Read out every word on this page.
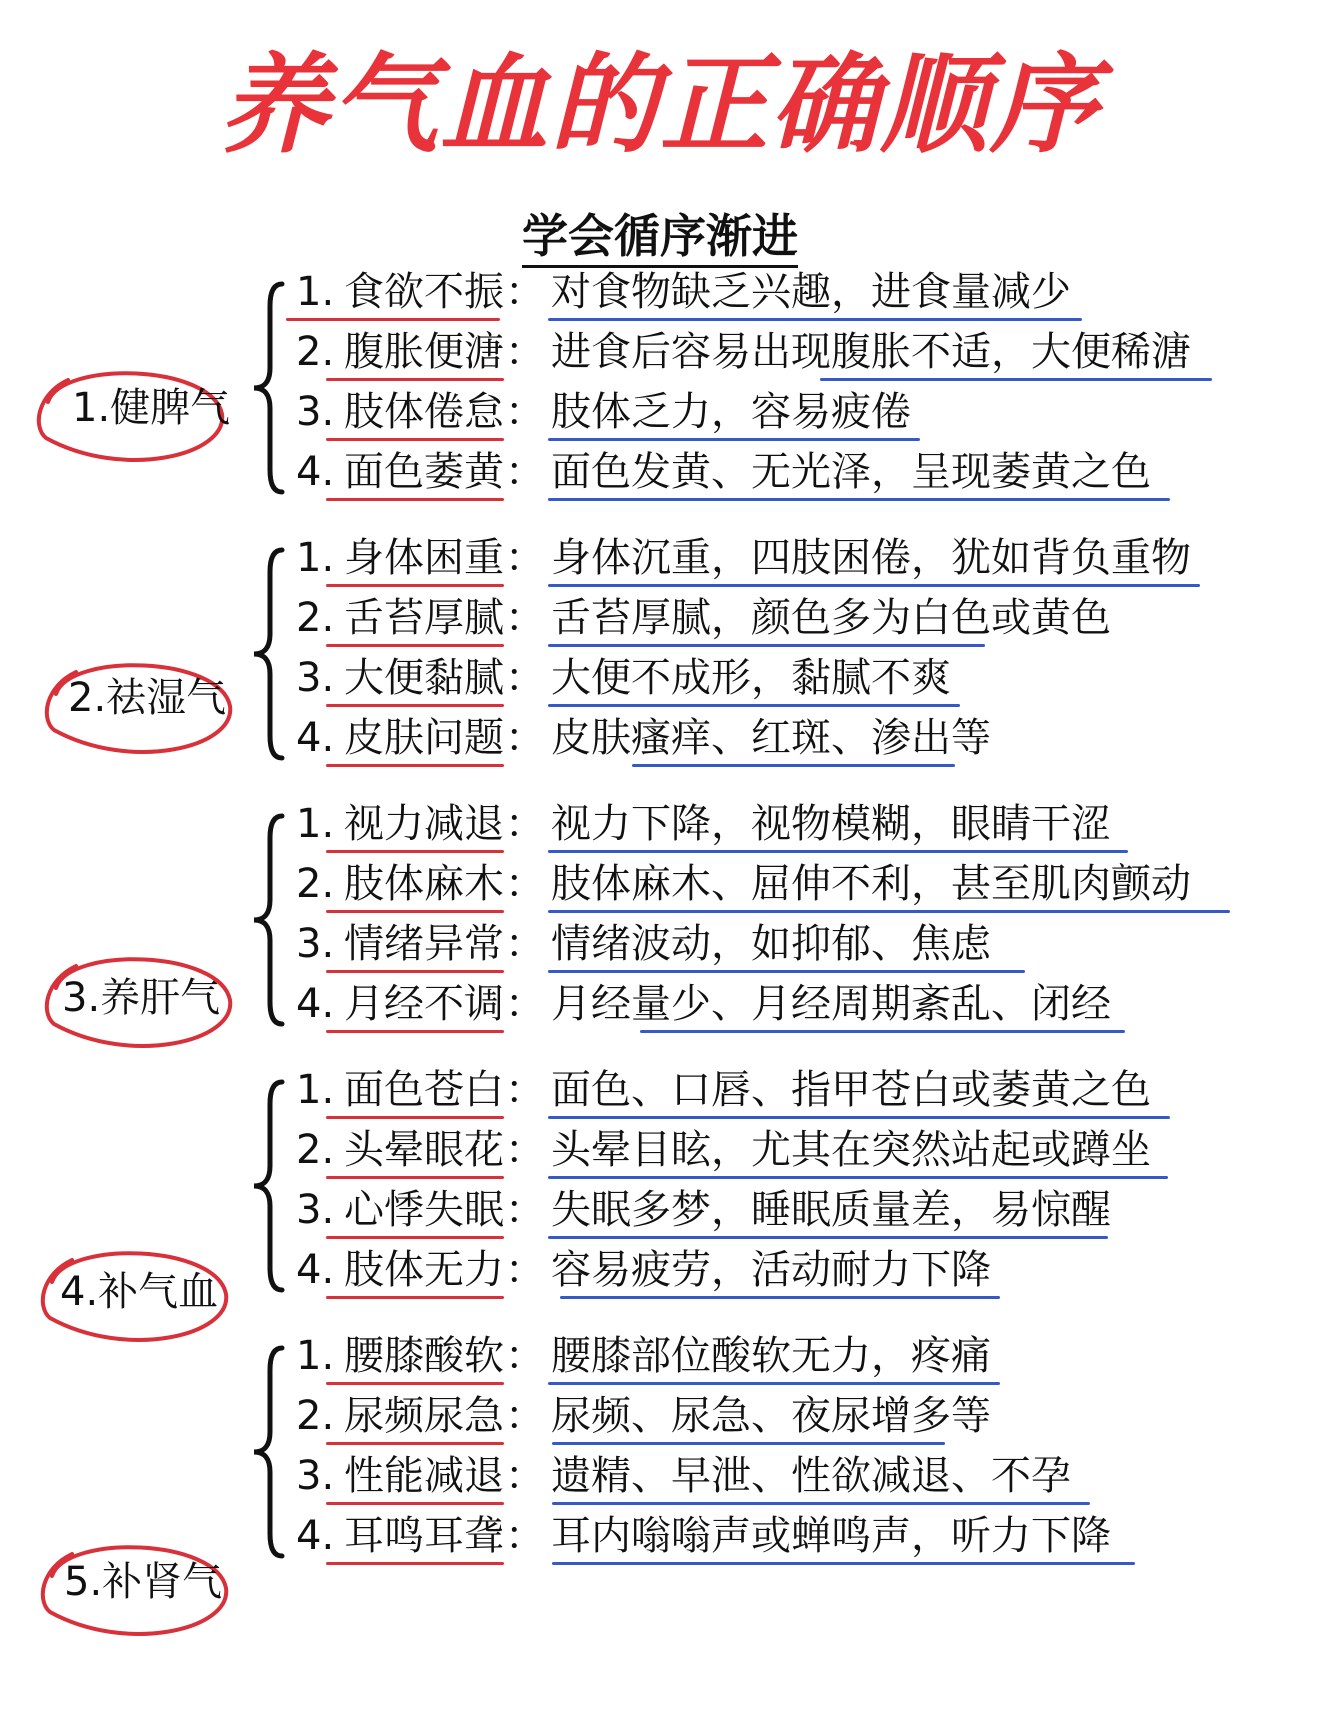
养气血的正确顺序
学会循序渐进
1.健脾气
1. 食欲不振 ： 对食物缺乏兴趣，进食量减少
2. 腹胀便溏 ： 进食后容易出现腹胀不适，大便稀溏
3. 肢体倦怠 ： 肢体乏力，容易疲倦
4. 面色萎黄 ： 面色发黄、无光泽，呈现萎黄之色
2.祛湿气
1. 身体困重 ： 身体沉重，四肢困倦，犹如背负重物
2. 舌苔厚腻 ： 舌苔厚腻，颜色多为白色或黄色
3. 大便黏腻 ： 大便不成形，黏腻不爽
4. 皮肤问题 ： 皮肤瘙痒、红斑、渗出等
3.养肝气
1. 视力减退 ： 视力下降，视物模糊，眼睛干涩
2. 肢体麻木 ： 肢体麻木、屈伸不利，甚至肌肉颤动
3. 情绪异常 ： 情绪波动，如抑郁、焦虑
4. 月经不调 ： 月经量少、月经周期紊乱、闭经
4.补气血
1. 面色苍白 ： 面色、口唇、指甲苍白或萎黄之色
2. 头晕眼花 ： 头晕目眩，尤其在突然站起或蹲坐
3. 心悸失眠 ： 失眠多梦，睡眠质量差，易惊醒
4. 肢体无力 ： 容易疲劳，活动耐力下降
5.补肾气
1. 腰膝酸软 ： 腰膝部位酸软无力，疼痛
2. 尿频尿急 ： 尿频、尿急、夜尿增多等
3. 性能减退 ： 遗精、早泄、性欲减退、不孕
4. 耳鸣耳聋 ： 耳内嗡嗡声或蝉鸣声，听力下降
